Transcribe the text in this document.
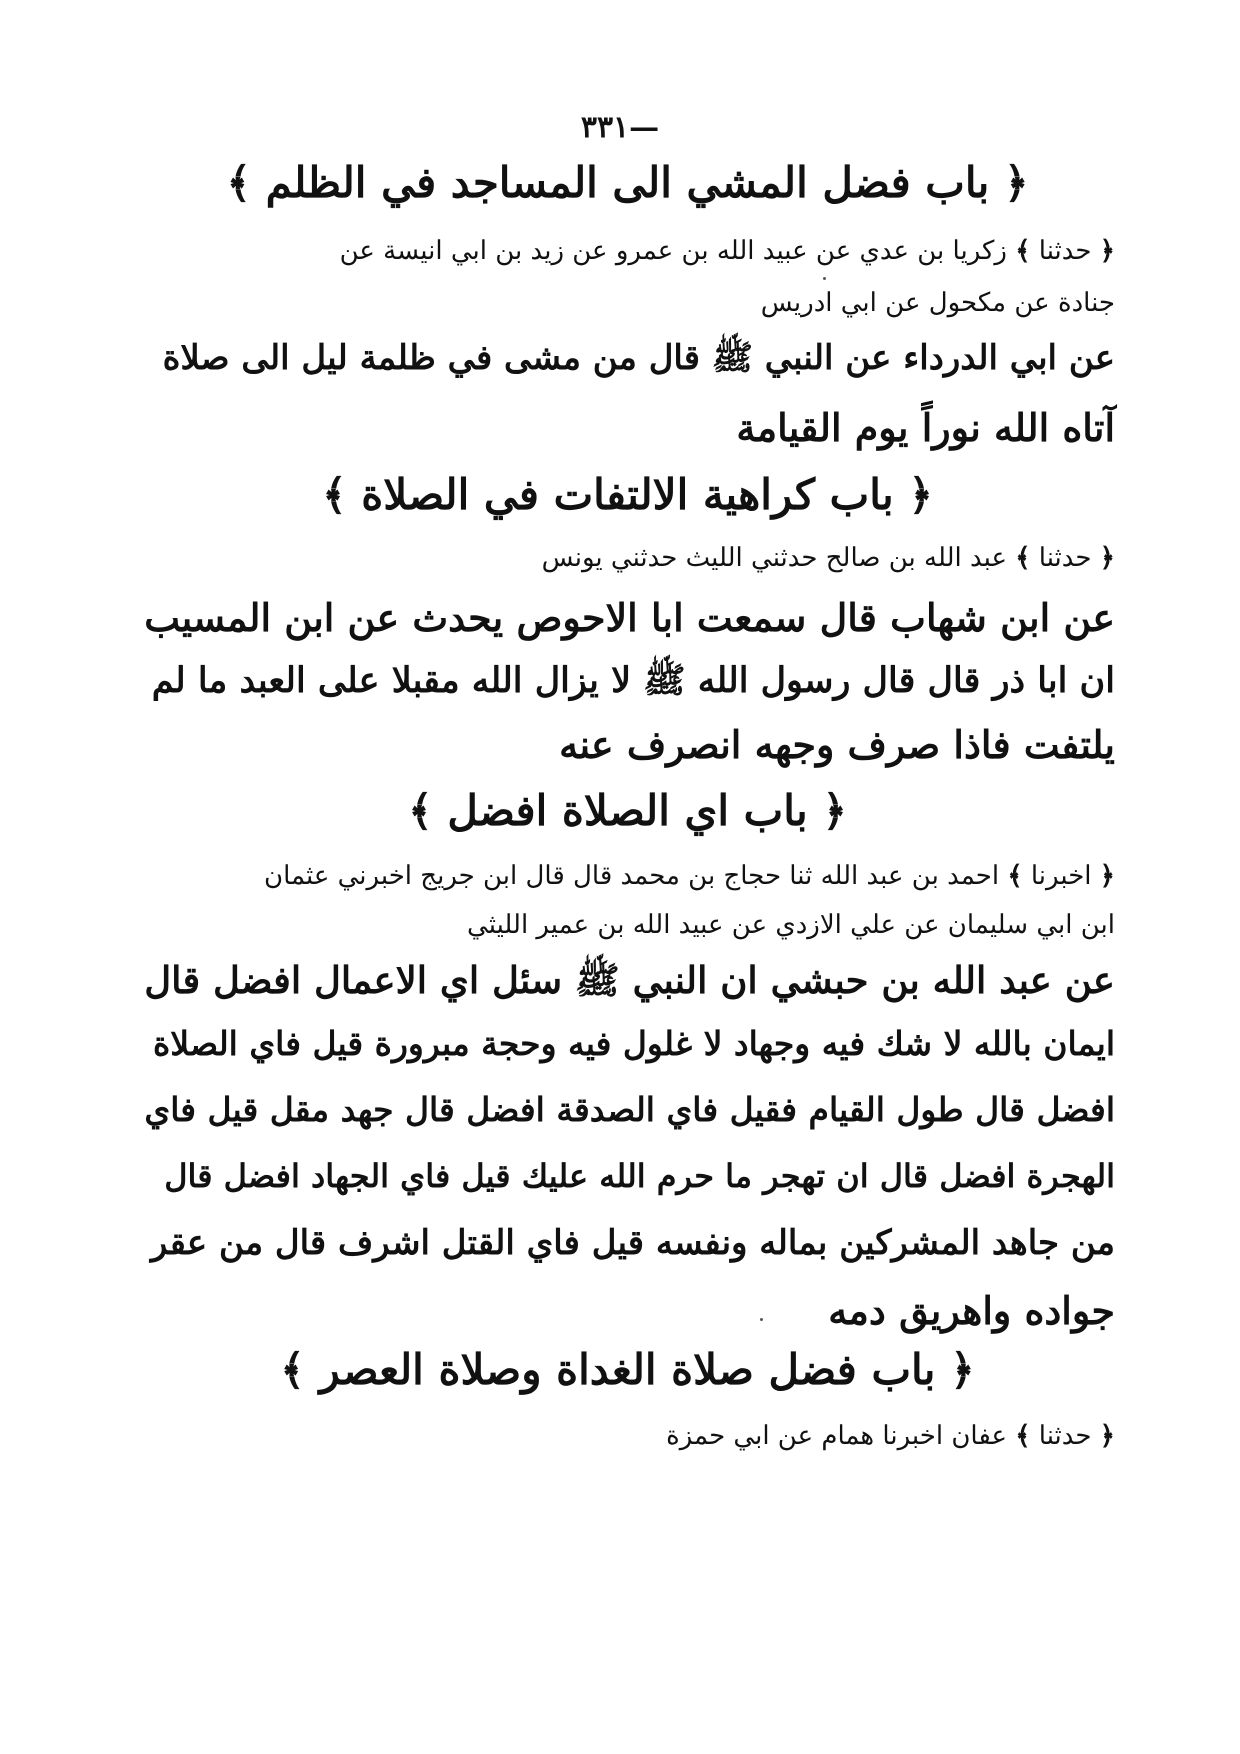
—٣٣١
﴿ باب فضل المشي الى المساجد في الظلم ﴾
﴿ حدثنا ﴾ زكريا بن عدي عن عبيد الله بن عمرو عن زيد بن ابي انيسة عن
جنادة عن مكحول عن ابي ادريس
عن ابي الدرداء عن النبي ﷺ قال من مشى في ظلمة ليل الى صلاة
آتاه الله نوراً يوم القيامة
﴿ باب كراهية الالتفات في الصلاة ﴾
﴿ حدثنا ﴾ عبد الله بن صالح حدثني الليث حدثني يونس
عن ابن شهاب قال سمعت ابا الاحوص يحدث عن ابن المسيب
ان ابا ذر قال قال رسول الله ﷺ لا يزال الله مقبلا على العبد ما لم
يلتفت فاذا صرف وجهه انصرف عنه
﴿ باب اي الصلاة افضل ﴾
﴿ اخبرنا ﴾ احمد بن عبد الله ثنا حجاج بن محمد قال قال ابن جريج اخبرني عثمان
ابن ابي سليمان عن علي الازدي عن عبيد الله بن عمير الليثي
عن عبد الله بن حبشي ان النبي ﷺ سئل اي الاعمال افضل قال
ايمان بالله لا شك فيه وجهاد لا غلول فيه وحجة مبرورة قيل فاي الصلاة
افضل قال طول القيام فقيل فاي الصدقة افضل قال جهد مقل قيل فاي
الهجرة افضل قال ان تهجر ما حرم الله عليك قيل فاي الجهاد افضل قال
من جاهد المشركين بماله ونفسه قيل فاي القتل اشرف قال من عقر
جواده واهريق دمه
﴿ باب فضل صلاة الغداة وصلاة العصر ﴾
﴿ حدثنا ﴾ عفان اخبرنا همام عن ابي حمزة
